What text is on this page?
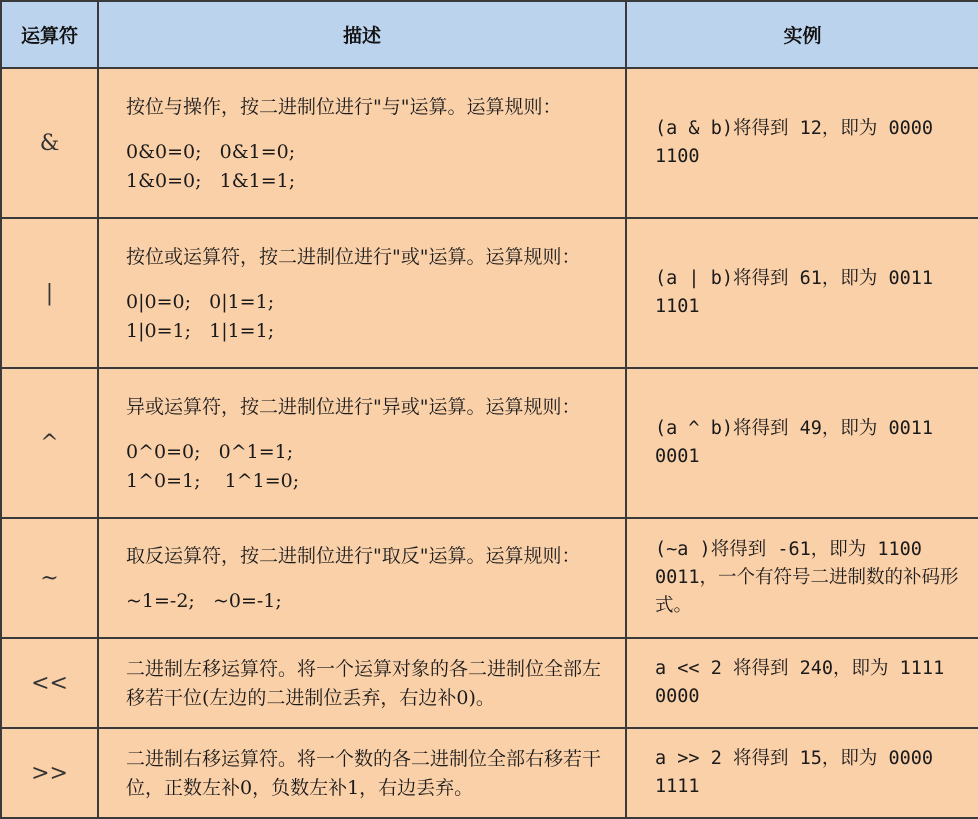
运算符	描述	实例
&	按位与操作，按二进制位进行"与"运算。运算规则：
0&0=0;   0&1=0;
1&0=0;   1&1=1;	(a & b)将得到 12，即为 0000 1100

|	按位或运算符，按二进制位进行"或"运算。运算规则：
0|0=0;   0|1=1;
1|0=1;   1|1=1;	(a | b)将得到 61，即为 0011 1101

^	异或运算符，按二进制位进行"异或"运算。运算规则：
0^0=0;   0^1=1;
1^0=1;    1^1=0;	(a ^ b)将得到 49，即为 0011 0001

~	取反运算符，按二进制位进行"取反"运算。运算规则：
~1=-2;   ~0=-1;	(~a )将得到 -61，即为 1100 0011，一个有符号二进制数的补码形式。

<<	二进制左移运算符。将一个运算对象的各二进制位全部左移若干位(左边的二进制位丢弃，右边补0)。	a << 2 将得到 240，即为 1111 0000

>>	二进制右移运算符。将一个数的各二进制位全部右移若干位，正数左补0，负数左补1，右边丢弃。	a >> 2 将得到 15，即为 0000 1111
